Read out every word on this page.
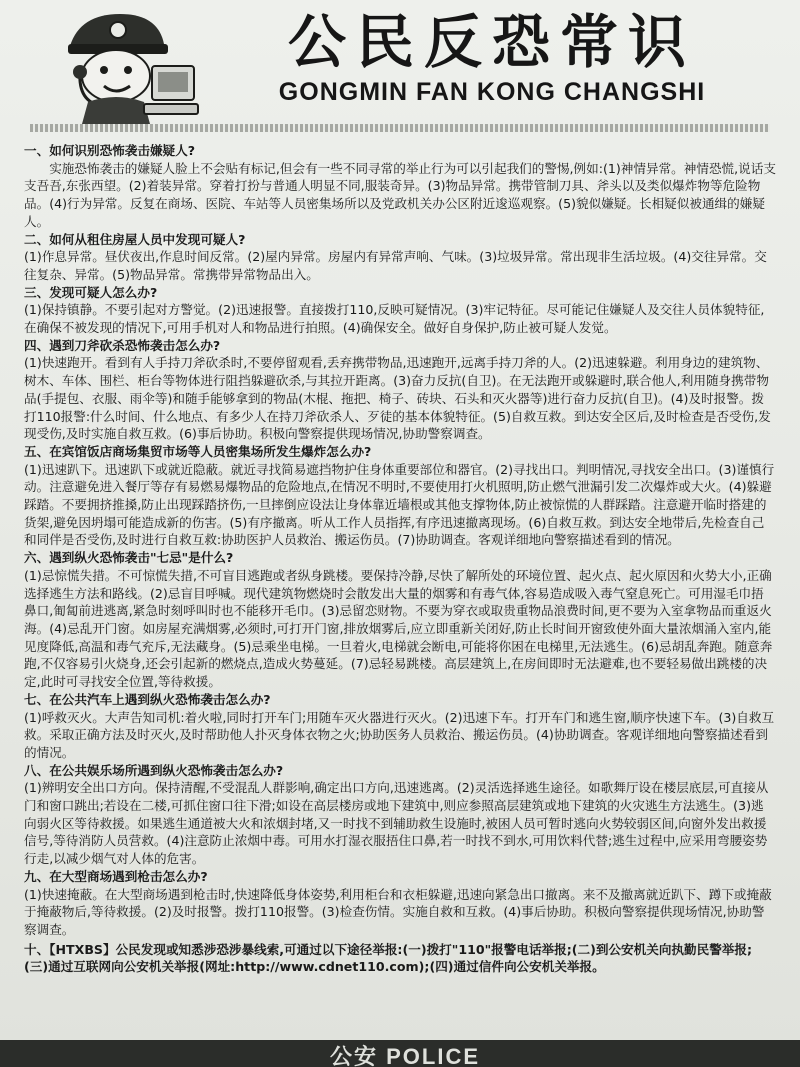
公民反恐常识
GONGMIN FAN KONG CHANGSHI

一、如何识别恐怖袭击嫌疑人?

实施恐怖袭击的嫌疑人脸上不会贴有标记,但会有一些不同寻常的举止行为可以引起我们的警惕,例如:(1)神情异常。神情恐慌,说话支支吾吾,东张西望。(2)着装异常。穿着打扮与普通人明显不同,服装奇异。(3)物品异常。携带管制刀具、斧头以及类似爆炸物等危险物品。(4)行为异常。反复在商场、医院、车站等人员密集场所以及党政机关办公区附近逡巡观察。(5)貌似嫌疑。长相疑似被通缉的嫌疑人。

二、如何从租住房屋人员中发现可疑人?

(1)作息异常。昼伏夜出,作息时间反常。(2)屋内异常。房屋内有异常声响、气味。(3)垃圾异常。常出现非生活垃圾。(4)交往异常。交往复杂、异常。(5)物品异常。常携带异常物品出入。

三、发现可疑人怎么办?

(1)保持镇静。不要引起对方警觉。(2)迅速报警。直接拨打110,反映可疑情况。(3)牢记特征。尽可能记住嫌疑人及交往人员体貌特征,在确保不被发现的情况下,可用手机对人和物品进行拍照。(4)确保安全。做好自身保护,防止被可疑人发觉。

四、遇到刀斧砍杀恐怖袭击怎么办?

(1)快速跑开。看到有人手持刀斧砍杀时,不要停留观看,丢弃携带物品,迅速跑开,远离手持刀斧的人。(2)迅速躲避。利用身边的建筑物、树木、车体、围栏、柜台等物体进行阻挡躲避砍杀,与其拉开距离。(3)奋力反抗(自卫)。在无法跑开或躲避时,联合他人,利用随身携带物品(手提包、衣服、雨伞等)和随手能够拿到的物品(木棍、拖把、椅子、砖块、石头和灭火器等)进行奋力反抗(自卫)。(4)及时报警。拨打110报警:什么时间、什么地点、有多少人在持刀斧砍杀人、歹徒的基本体貌特征。(5)自救互救。到达安全区后,及时检查是否受伤,发现受伤,及时实施自救互救。(6)事后协助。积极向警察提供现场情况,协助警察调查。

五、在宾馆饭店商场集贸市场等人员密集场所发生爆炸怎么办?

(1)迅速趴下。迅速趴下或就近隐蔽。就近寻找简易遮挡物护住身体重要部位和器官。(2)寻找出口。判明情况,寻找安全出口。(3)谨慎行动。注意避免进入餐厅等存有易燃易爆物品的危险地点,在情况不明时,不要使用打火机照明,防止燃气泄漏引发二次爆炸或大火。(4)躲避踩踏。不要拥挤推搡,防止出现踩踏挤伤,一旦摔倒应设法让身体靠近墙根或其他支撑物体,防止被惊慌的人群踩踏。注意避开临时搭建的货架,避免因坍塌可能造成新的伤害。(5)有序撤离。听从工作人员指挥,有序迅速撤离现场。(6)自救互救。到达安全地带后,先检查自己和同伴是否受伤,及时进行自救互救:协助医护人员救治、搬运伤员。(7)协助调查。客观详细地向警察描述看到的情况。

六、遇到纵火恐怖袭击"七忌"是什么?

(1)忌惊慌失措。不可惊慌失措,不可盲目逃跑或者纵身跳楼。要保持冷静,尽快了解所处的环境位置、起火点、起火原因和火势大小,正确选择逃生方法和路线。(2)忌盲目呼喊。现代建筑物燃烧时会散发出大量的烟雾和有毒气体,容易造成吸入毒气窒息死亡。可用湿毛巾捂鼻口,匍匐前进逃离,紧急时刻呼叫时也不能移开毛巾。(3)忌留恋财物。不要为穿衣或取贵重物品浪费时间,更不要为入室拿物品而重返火海。(4)忌乱开门窗。如房屋充满烟雾,必须时,可打开门窗,排放烟雾后,应立即重新关闭好,防止长时间开窗致使外面大量浓烟涌入室内,能见度降低,高温和毒气充斥,无法藏身。(5)忌乘坐电梯。一旦着火,电梯就会断电,可能将你困在电梯里,无法逃生。(6)忌胡乱奔跑。随意奔跑,不仅容易引火烧身,还会引起新的燃烧点,造成火势蔓延。(7)忌轻易跳楼。高层建筑上,在房间即时无法避难,也不要轻易做出跳楼的决定,此时可寻找安全位置,等待救援。

七、在公共汽车上遇到纵火恐怖袭击怎么办?

(1)呼救灭火。大声告知司机:着火啦,同时打开车门;用随车灭火器进行灭火。(2)迅速下车。打开车门和逃生窗,顺序快速下车。(3)自救互救。采取正确方法及时灭火,及时帮助他人扑灭身体衣物之火;协助医务人员救治、搬运伤员。(4)协助调查。客观详细地向警察描述看到的情况。

八、在公共娱乐场所遇到纵火恐怖袭击怎么办?

(1)辨明安全出口方向。保持清醒,不受混乱人群影响,确定出口方向,迅速逃离。(2)灵活选择逃生途径。如歌舞厅设在楼层底层,可直接从门和窗口跳出;若设在二楼,可抓住窗口往下滑;如设在高层楼房或地下建筑中,则应参照高层建筑或地下建筑的火灾逃生方法逃生。(3)逃向弱火区等待救援。如果逃生通道被大火和浓烟封堵,又一时找不到辅助救生设施时,被困人员可暂时逃向火势较弱区间,向窗外发出救援信号,等待消防人员营救。(4)注意防止浓烟中毒。可用水打湿衣服捂住口鼻,若一时找不到水,可用饮料代替;逃生过程中,应采用弯腰姿势行走,以减少烟气对人体的危害。

九、在大型商场遇到枪击怎么办?

(1)快速掩蔽。在大型商场遇到枪击时,快速降低身体姿势,利用柜台和衣柜躲避,迅速向紧急出口撤离。来不及撤离就近趴下、蹲下或掩蔽于掩蔽物后,等待救援。(2)及时报警。拨打110报警。(3)检查伤情。实施自救和互救。(4)事后协助。积极向警察提供现场情况,协助警察调查。

十、【HTXBS】公民发现或知悉涉恐涉暴线索,可通过以下途径举报:(一)拨打"110"报警电话举报;(二)到公安机关向执勤民警举报;(三)通过互联网向公安机关举报(网址:http://www.cdnet110.com);(四)通过信件向公安机关举报。

公安 POLICE
